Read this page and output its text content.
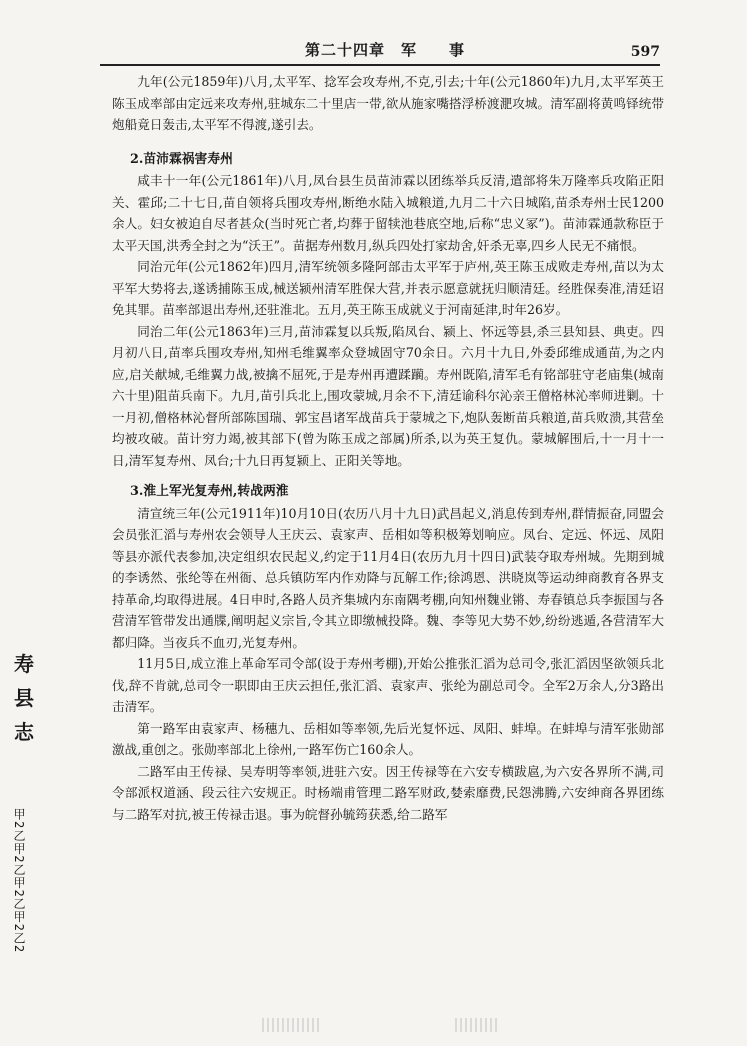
第二十四章　军　　事	597
寿
县
志
甲2乙甲2乙甲2乙甲2乙2

九年(公元1859年)八月,太平军、捻军会攻寿州,不克,引去;十年(公元1860年)九月,太平军英王陈玉成率部由定远来攻寿州,驻城东二十里店一带,欲从施家嘴搭浮桥渡淝攻城。清军副将黄鸣铎统带炮船竟日轰击,太平军不得渡,遂引去。

2.苗沛霖祸害寿州

咸丰十一年(公元1861年)八月,凤台县生员苗沛霖以团练举兵反清,遣部将朱万隆率兵攻陷正阳关、霍邱;二十七日,苗自领将兵围攻寿州,断绝水陆入城粮道,九月二十六日城陷,苗杀寿州士民1200余人。妇女被迫自尽者甚众(当时死亡者,均葬于留犊池巷底空地,后称“忠义冢”)。苗沛霖通款称臣于太平天国,洪秀全封之为“沃王”。苗据寿州数月,纵兵四处打家劫舍,奸杀无辜,四乡人民无不痛恨。

同治元年(公元1862年)四月,清军统领多隆阿部击太平军于庐州,英王陈玉成败走寿州,苗以为太平军大势将去,遂诱捕陈玉成,械送颍州清军胜保大营,并表示愿意就抚归顺清廷。经胜保奏准,清廷诏免其罪。苗率部退出寿州,还驻淮北。五月,英王陈玉成就义于河南延津,时年26岁。

同治二年(公元1863年)三月,苗沛霖复以兵叛,陷凤台、颍上、怀远等县,杀三县知县、典吏。四月初八日,苗率兵围攻寿州,知州毛维翼率众登城固守70余日。六月十九日,外委邱维成通苗,为之内应,启关献城,毛维翼力战,被擒不屈死,于是寿州再遭蹂躏。寿州既陷,清军毛有铭部驻守老庙集(城南六十里)阻苗兵南下。九月,苗引兵北上,围攻蒙城,月余不下,清廷谕科尔沁亲王僧格林沁率师进剿。十一月初,僧格林沁督所部陈国瑞、郭宝昌诸军战苗兵于蒙城之下,炮队轰断苗兵粮道,苗兵败溃,其营垒均被攻破。苗计穷力竭,被其部下(曾为陈玉成之部属)所杀,以为英王复仇。蒙城解围后,十一月十一日,清军复寿州、凤台;十九日再复颍上、正阳关等地。

3.淮上军光复寿州,转战两淮

清宣统三年(公元1911年)10月10日(农历八月十九日)武昌起义,消息传到寿州,群情振奋,同盟会会员张汇滔与寿州农会领导人王庆云、袁家声、岳相如等积极筹划响应。凤台、定远、怀远、凤阳等县亦派代表参加,决定组织农民起义,约定于11月4日(农历九月十四日)武装夺取寿州城。先期到城的李诱然、张纶等在州衙、总兵镇防军内作劝降与瓦解工作;徐鸿恩、洪晓岚等运动绅商教育各界支持革命,均取得进展。4日申时,各路人员齐集城内东南隅考棚,向知州魏业锵、寿春镇总兵李振国与各营清军管带发出通牒,阐明起义宗旨,令其立即缴械投降。魏、李等见大势不妙,纷纷逃遁,各营清军大都归降。当夜兵不血刃,光复寿州。

11月5日,成立淮上革命军司令部(设于寿州考棚),开始公推张汇滔为总司令,张汇滔因坚欲领兵北伐,辞不肯就,总司令一职即由王庆云担任,张汇滔、袁家声、张纶为副总司令。全军2万余人,分3路出击清军。

第一路军由袁家声、杨穗九、岳相如等率领,先后光复怀远、凤阳、蚌埠。在蚌埠与清军张勋部激战,重创之。张勋率部北上徐州,一路军伤亡160余人。

二路军由王传禄、吴寿明等率领,进驻六安。因王传禄等在六安专横跋扈,为六安各界所不满,司令部派权道涵、段云往六安规正。时杨端甫管理二路军财政,婪索靡费,民怨沸腾,六安绅商各界团练与二路军对抗,被王传禄击退。事为皖督孙毓筠获悉,给二路军
